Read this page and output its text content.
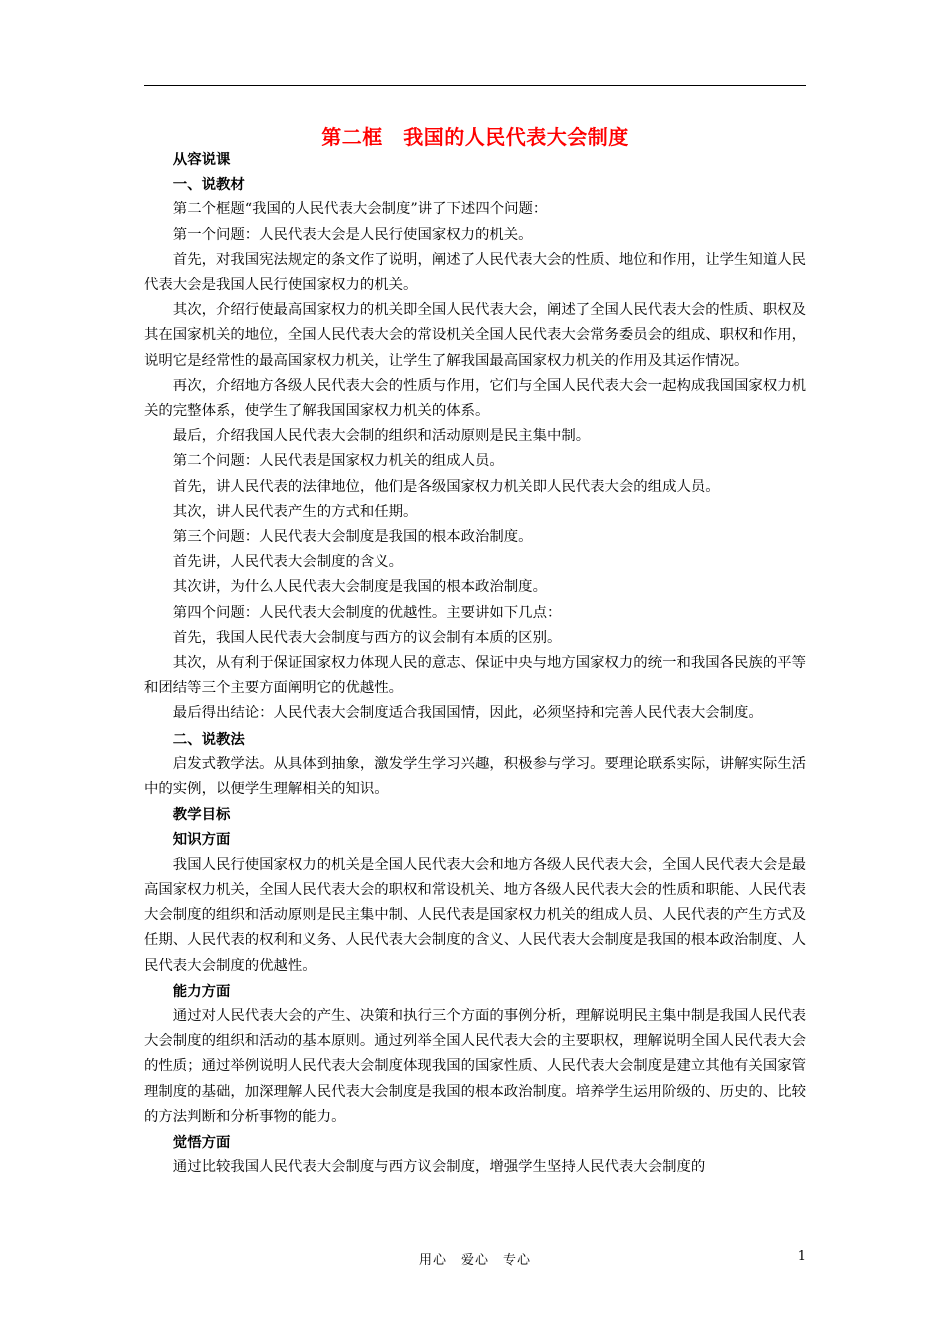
第二框　我国的人民代表大会制度

从容说课

一、说教材

第二个框题“我国的人民代表大会制度”讲了下述四个问题：

第一个问题：人民代表大会是人民行使国家权力的机关。

首先，对我国宪法规定的条文作了说明，阐述了人民代表大会的性质、地位和作用，让学生知道人民代表大会是我国人民行使国家权力的机关。

其次，介绍行使最高国家权力的机关即全国人民代表大会，阐述了全国人民代表大会的性质、职权及其在国家机关的地位，全国人民代表大会的常设机关全国人民代表大会常务委员会的组成、职权和作用，说明它是经常性的最高国家权力机关，让学生了解我国最高国家权力机关的作用及其运作情况。

再次，介绍地方各级人民代表大会的性质与作用，它们与全国人民代表大会一起构成我国国家权力机关的完整体系，使学生了解我国国家权力机关的体系。

最后，介绍我国人民代表大会制的组织和活动原则是民主集中制。

第二个问题：人民代表是国家权力机关的组成人员。

首先，讲人民代表的法律地位，他们是各级国家权力机关即人民代表大会的组成人员。

其次，讲人民代表产生的方式和任期。

第三个问题：人民代表大会制度是我国的根本政治制度。

首先讲，人民代表大会制度的含义。

其次讲，为什么人民代表大会制度是我国的根本政治制度。

第四个问题：人民代表大会制度的优越性。主要讲如下几点：

首先，我国人民代表大会制度与西方的议会制有本质的区别。

其次，从有利于保证国家权力体现人民的意志、保证中央与地方国家权力的统一和我国各民族的平等和团结等三个主要方面阐明它的优越性。

最后得出结论：人民代表大会制度适合我国国情，因此，必须坚持和完善人民代表大会制度。

二、说教法

启发式教学法。从具体到抽象，激发学生学习兴趣，积极参与学习。要理论联系实际，讲解实际生活中的实例，以便学生理解相关的知识。

教学目标

知识方面

我国人民行使国家权力的机关是全国人民代表大会和地方各级人民代表大会，全国人民代表大会是最高国家权力机关，全国人民代表大会的职权和常设机关、地方各级人民代表大会的性质和职能、人民代表大会制度的组织和活动原则是民主集中制、人民代表是国家权力机关的组成人员、人民代表的产生方式及任期、人民代表的权利和义务、人民代表大会制度的含义、人民代表大会制度是我国的根本政治制度、人民代表大会制度的优越性。

能力方面

通过对人民代表大会的产生、决策和执行三个方面的事例分析，理解说明民主集中制是我国人民代表大会制度的组织和活动的基本原则。通过列举全国人民代表大会的主要职权，理解说明全国人民代表大会的性质；通过举例说明人民代表大会制度体现我国的国家性质、人民代表大会制度是建立其他有关国家管理制度的基础，加深理解人民代表大会制度是我国的根本政治制度。培养学生运用阶级的、历史的、比较的方法判断和分析事物的能力。

觉悟方面

通过比较我国人民代表大会制度与西方议会制度，增强学生坚持人民代表大会制度的

用心　爱心　专心	1
